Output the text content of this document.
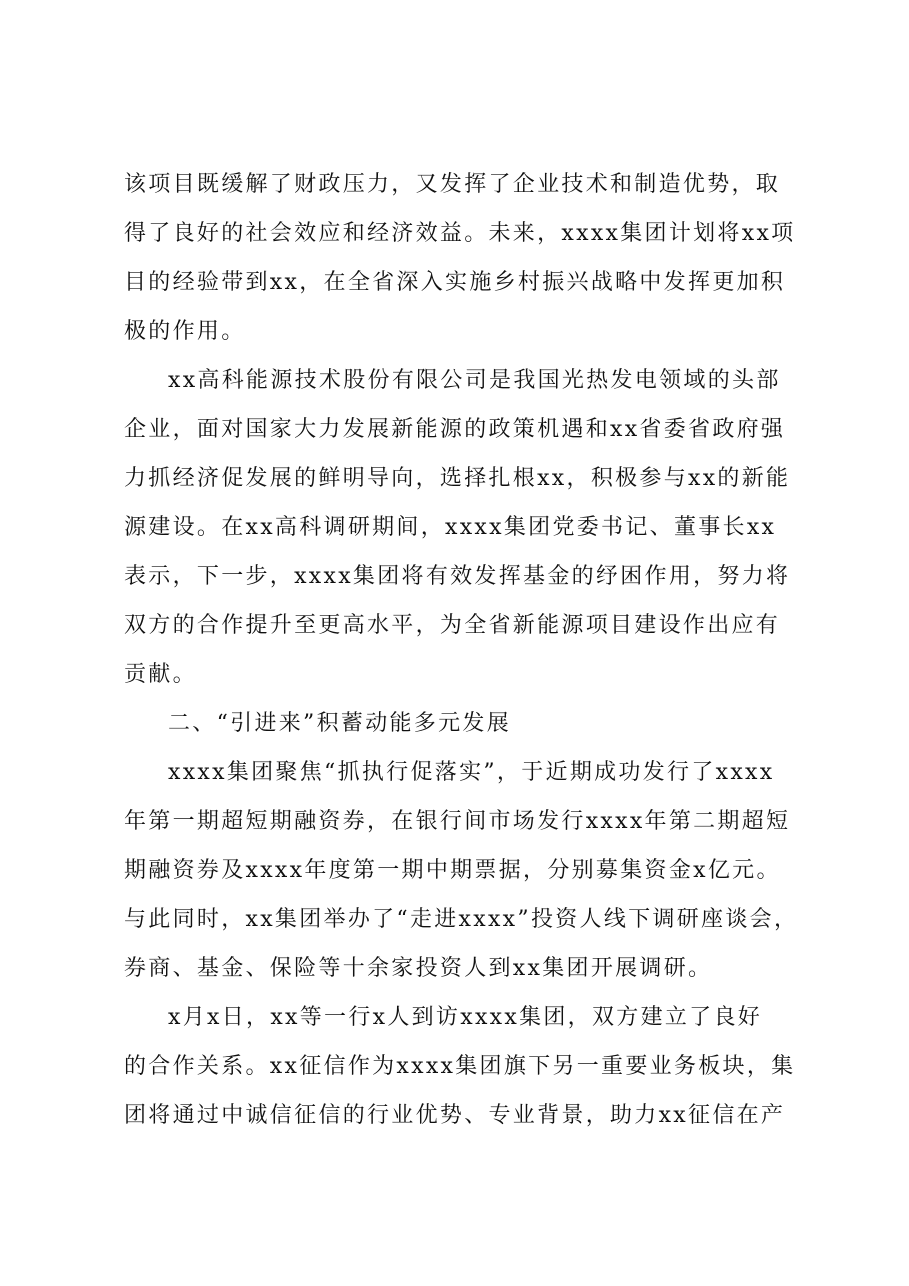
该项目既缓解了财政压力，又发挥了企业技术和制造优势，取
得了良好的社会效应和经济效益。未来，xxxx集团计划将xx项
目的经验带到xx，在全省深入实施乡村振兴战略中发挥更加积
极的作用。
xx高科能源技术股份有限公司是我国光热发电领域的头部
企业，面对国家大力发展新能源的政策机遇和xx省委省政府强
力抓经济促发展的鲜明导向，选择扎根xx，积极参与xx的新能
源建设。在xx高科调研期间，xxxx集团党委书记、董事长xx
表示，下一步，xxxx集团将有效发挥基金的纾困作用，努力将
双方的合作提升至更高水平，为全省新能源项目建设作出应有
贡献。
二、“引进来”积蓄动能多元发展
xxxx集团聚焦“抓执行促落实”，于近期成功发行了xxxx
年第一期超短期融资券，在银行间市场发行xxxx年第二期超短
期融资券及xxxx年度第一期中期票据，分别募集资金x亿元。
与此同时，xx集团举办了“走进xxxx”投资人线下调研座谈会，
券商、基金、保险等十余家投资人到xx集团开展调研。
x月x日，xx等一行x人到访xxxx集团，双方建立了良好
的合作关系。xx征信作为xxxx集团旗下另一重要业务板块，集
团将通过中诚信征信的行业优势、专业背景，助力xx征信在产
